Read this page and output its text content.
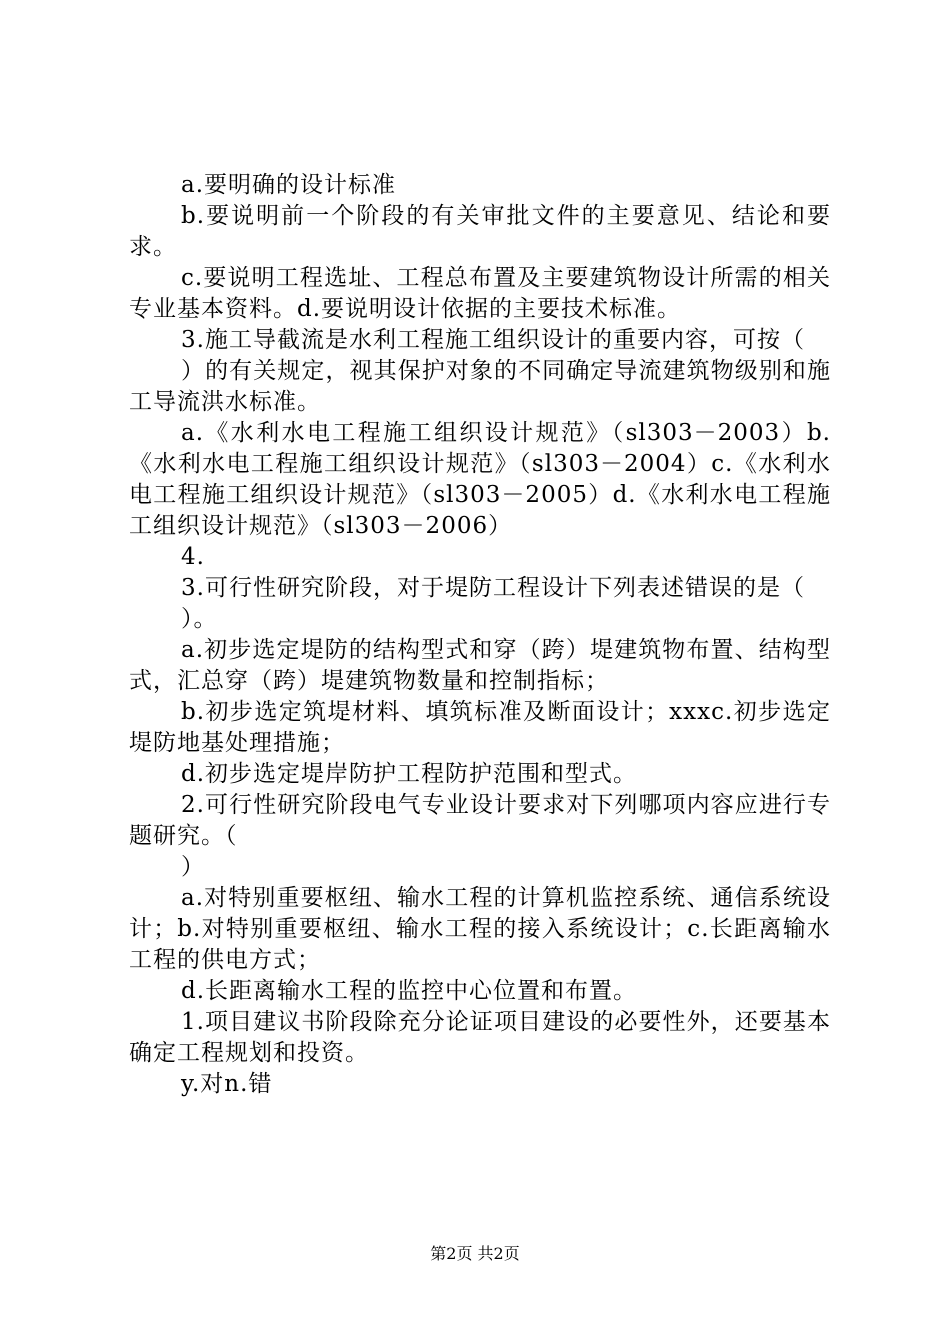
a.要明确的设计标准

b.要说明前一个阶段的有关审批文件的主要意见、结论和要求。

c.要说明工程选址、工程总布置及主要建筑物设计所需的相关专业基本资料。d.要说明设计依据的主要技术标准。

3.施工导截流是水利工程施工组织设计的重要内容，可按（

）的有关规定，视其保护对象的不同确定导流建筑物级别和施工导流洪水标准。

a.《水利水电工程施工组织设计规范》（sl303－2003）b.《水利水电工程施工组织设计规范》（sl303－2004）c.《水利水电工程施工组织设计规范》（sl303－2005）d.《水利水电工程施工组织设计规范》（sl303－2006）

4.

3.可行性研究阶段，对于堤防工程设计下列表述错误的是（

）。

a.初步选定堤防的结构型式和穿（跨）堤建筑物布置、结构型式，汇总穿（跨）堤建筑物数量和控制指标；

b.初步选定筑堤材料、填筑标准及断面设计；xxxc.初步选定堤防地基处理措施；

d.初步选定堤岸防护工程防护范围和型式。

2.可行性研究阶段电气专业设计要求对下列哪项内容应进行专题研究。（

）

a.对特别重要枢纽、输水工程的计算机监控系统、通信系统设计；b.对特别重要枢纽、输水工程的接入系统设计；c.长距离输水工程的供电方式；

d.长距离输水工程的监控中心位置和布置。

1.项目建议书阶段除充分论证项目建设的必要性外，还要基本确定工程规划和投资。

y.对n.错

第2页 共2页
